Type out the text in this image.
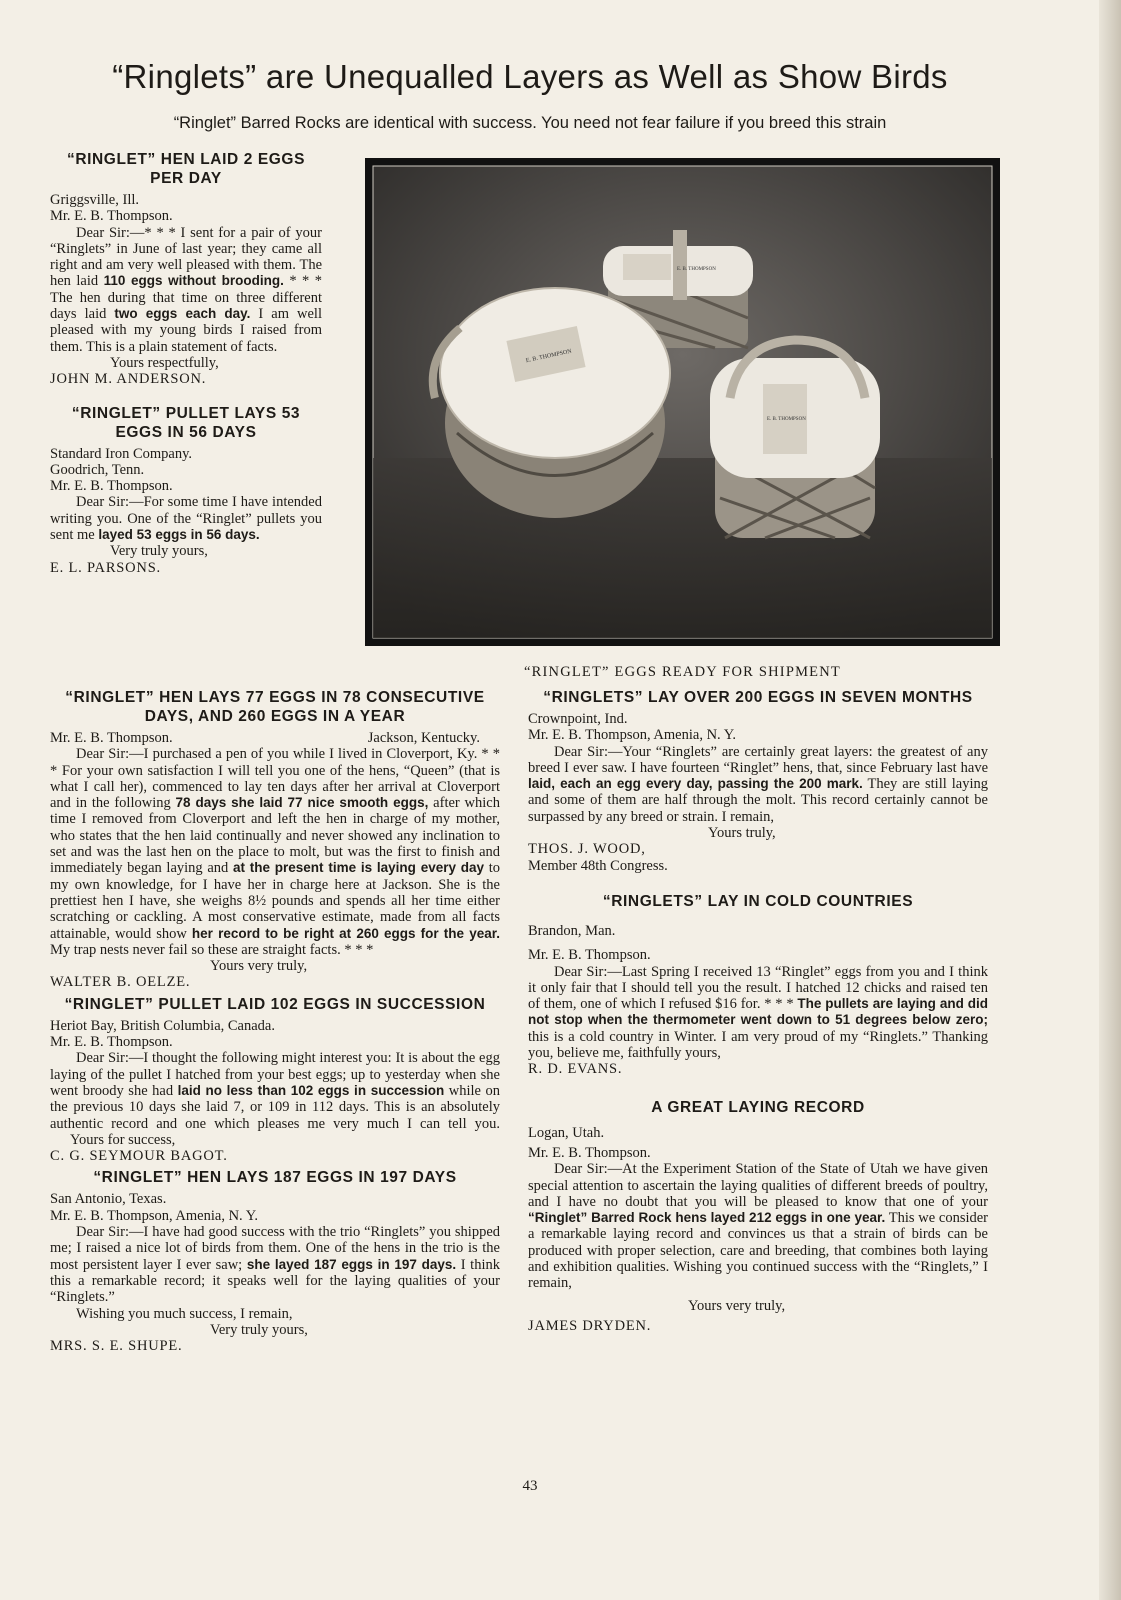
“Ringlets” are Unequalled Layers as Well as Show Birds
“Ringlet” Barred Rocks are identical with success. You need not fear failure if you breed this strain
“RINGLET” HEN LAID 2 EGGS PER DAY

Griggsville, Ill.

Mr. E. B. Thompson.

Dear Sir:—* * * I sent for a pair of your “Ringlets” in June of last year; they came all right and am very well pleased with them. The hen laid 110 eggs without brooding. * * * The hen during that time on three different days laid two eggs each day. I am well pleased with my young birds I raised from them. This is a plain statement of facts.

Yours respectfully,

JOHN M. ANDERSON.

“RINGLET” PULLET LAYS 53 EGGS IN 56 DAYS

Standard Iron Company.

Goodrich, Tenn.

Mr. E. B. Thompson.

Dear Sir:—For some time I have intended writing you. One of the “Ringlet” pullets you sent me layed 53 eggs in 56 days.

Very truly yours,

E. L. PARSONS.

E. B. THOMPSON
E. B. THOMPSON
E. B. THOMPSON
“RINGLET” EGGS READY FOR SHIPMENT
“RINGLET” HEN LAYS 77 EGGS IN 78 CONSECUTIVE DAYS, AND 260 EGGS IN A YEAR

Mr. E. B. Thompson.	Jackson, Kentucky.

Dear Sir:—I purchased a pen of you while I lived in Cloverport, Ky. * * * For your own satisfaction I will tell you one of the hens, “Queen” (that is what I call her), commenced to lay ten days after her arrival at Cloverport and in the following 78 days she laid 77 nice smooth eggs, after which time I removed from Cloverport and left the hen in charge of my mother, who states that the hen laid continually and never showed any inclination to set and was the last hen on the place to molt, but was the first to finish and immediately began laying and at the present time is laying every day to my own knowledge, for I have her in charge here at Jackson. She is the prettiest hen I have, she weighs 8½ pounds and spends all her time either scratching or cackling. A most conservative estimate, made from all facts attainable, would show her record to be right at 260 eggs for the year. My trap nests never fail so these are straight facts. * * *

Yours very truly,

WALTER B. OELZE.

“RINGLET” PULLET LAID 102 EGGS IN SUCCESSION

Heriot Bay, British Columbia, Canada.

Mr. E. B. Thompson.

Dear Sir:—I thought the following might interest you: It is about the egg laying of the pullet I hatched from your best eggs; up to yesterday when she went broody she had laid no less than 102 eggs in succession while on the previous 10 days she laid 7, or 109 in 112 days. This is an absolutely authentic record and one which pleases me very much I can tell you. Yours for success,

C. G. SEYMOUR BAGOT.

“RINGLET” HEN LAYS 187 EGGS IN 197 DAYS

San Antonio, Texas.

Mr. E. B. Thompson, Amenia, N. Y.

Dear Sir:—I have had good success with the trio “Ringlets” you shipped me; I raised a nice lot of birds from them. One of the hens in the trio is the most persistent layer I ever saw; she layed 187 eggs in 197 days. I think this a remarkable record; it speaks well for the laying qualities of your “Ringlets.”

Wishing you much success, I remain,

Very truly yours,

MRS. S. E. SHUPE.

“RINGLETS” LAY OVER 200 EGGS IN SEVEN MONTHS

Crownpoint, Ind.

Mr. E. B. Thompson, Amenia, N. Y.

Dear Sir:—Your “Ringlets” are certainly great layers: the greatest of any breed I ever saw. I have fourteen “Ringlet” hens, that, since February last have laid, each an egg every day, passing the 200 mark. They are still laying and some of them are half through the molt. This record certainly cannot be surpassed by any breed or strain. I remain,

Yours truly,

THOS. J. WOOD,

Member 48th Congress.

“RINGLETS” LAY IN COLD COUNTRIES

Brandon, Man.

Mr. E. B. Thompson.

Dear Sir:—Last Spring I received 13 “Ringlet” eggs from you and I think it only fair that I should tell you the result. I hatched 12 chicks and raised ten of them, one of which I refused $16 for. * * * The pullets are laying and did not stop when the thermometer went down to 51 degrees below zero; this is a cold country in Winter. I am very proud of my “Ringlets.” Thanking you, believe me, faithfully yours,

R. D. EVANS.

A GREAT LAYING RECORD

Logan, Utah.

Mr. E. B. Thompson.

Dear Sir:—At the Experiment Station of the State of Utah we have given special attention to ascertain the laying qualities of different breeds of poultry, and I have no doubt that you will be pleased to know that one of your “Ringlet” Barred Rock hens layed 212 eggs in one year. This we consider a remarkable laying record and convinces us that a strain of birds can be produced with proper selection, care and breeding, that combines both laying and exhibition qualities. Wishing you continued success with the “Ringlets,” I remain,

Yours very truly,

JAMES DRYDEN.

43
